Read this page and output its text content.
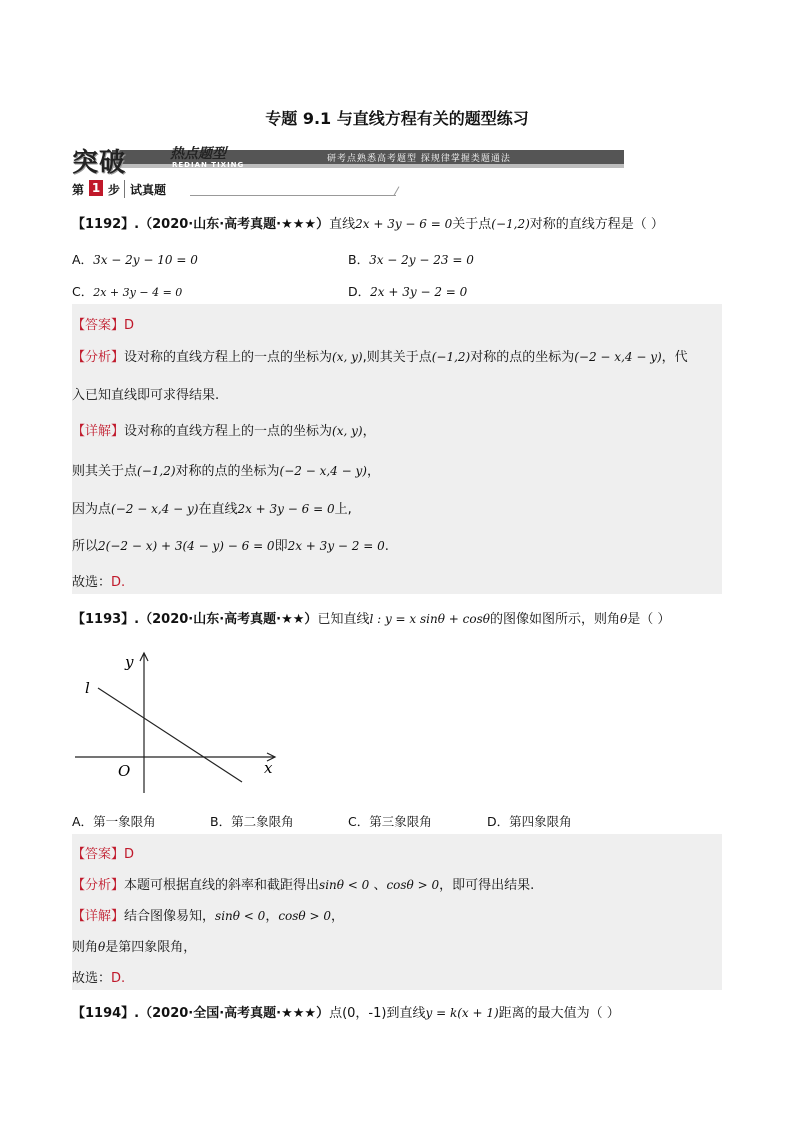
专题 9.1 与直线方程有关的题型练习
突破	热点题型
REDIAN TIXING
研考点熟悉高考题型 探规律掌握类题通法
第 1 步 试真题
【1192】.（2020·山东·高考真题·★★★）直线2x + 3y − 6 = 0关于点(−1,2)对称的直线方程是（ ）
A．3x − 2y − 10 = 0	B．3x − 2y − 23 = 0
C．2x + 3y − 4 = 0	D．2x + 3y − 2 = 0
【答案】D
【分析】设对称的直线方程上的一点的坐标为(x, y),则其关于点(−1,2)对称的点的坐标为(−2 − x,4 − y)，代
入已知直线即可求得结果.
【详解】设对称的直线方程上的一点的坐标为(x, y)，
则其关于点(−1,2)对称的点的坐标为(−2 − x,4 − y)，
因为点(−2 − x,4 − y)在直线2x + 3y − 6 = 0上,
所以2(−2 − x) + 3(4 − y) − 6 = 0即2x + 3y − 2 = 0.
故选：D.
【1193】.（2020·山东·高考真题·★★）已知直线l : y = x sinθ + cosθ的图像如图所示，则角θ是（ ）
y
x
O
l
A．第一象限角	B．第二象限角	C．第三象限角	D．第四象限角
【答案】D
【分析】本题可根据直线的斜率和截距得出sinθ < 0 、cosθ > 0，即可得出结果.
【详解】结合图像易知，sinθ < 0，cosθ > 0，
则角θ是第四象限角，
故选：D.
【1194】.（2020·全国·高考真题·★★★）点(0，-1)到直线y = k(x + 1)距离的最大值为（ ）
